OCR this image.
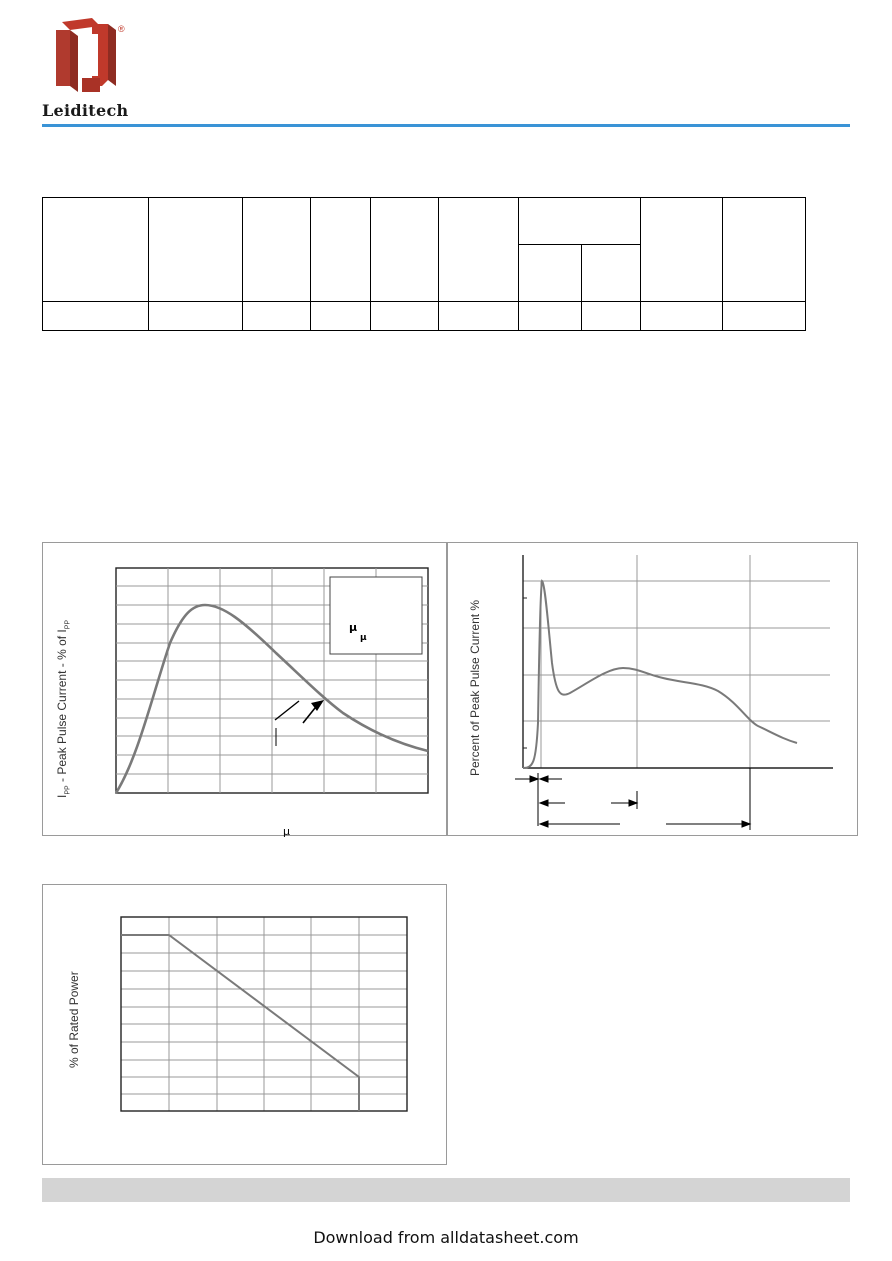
®
Leiditech
$I_{PP}$ - Peak Pulse Current - % of $I_{PP}$	μ
μ
μ
Percent of Peak Pulse Current %
% of Rated Power
Download from alldatasheet.com
